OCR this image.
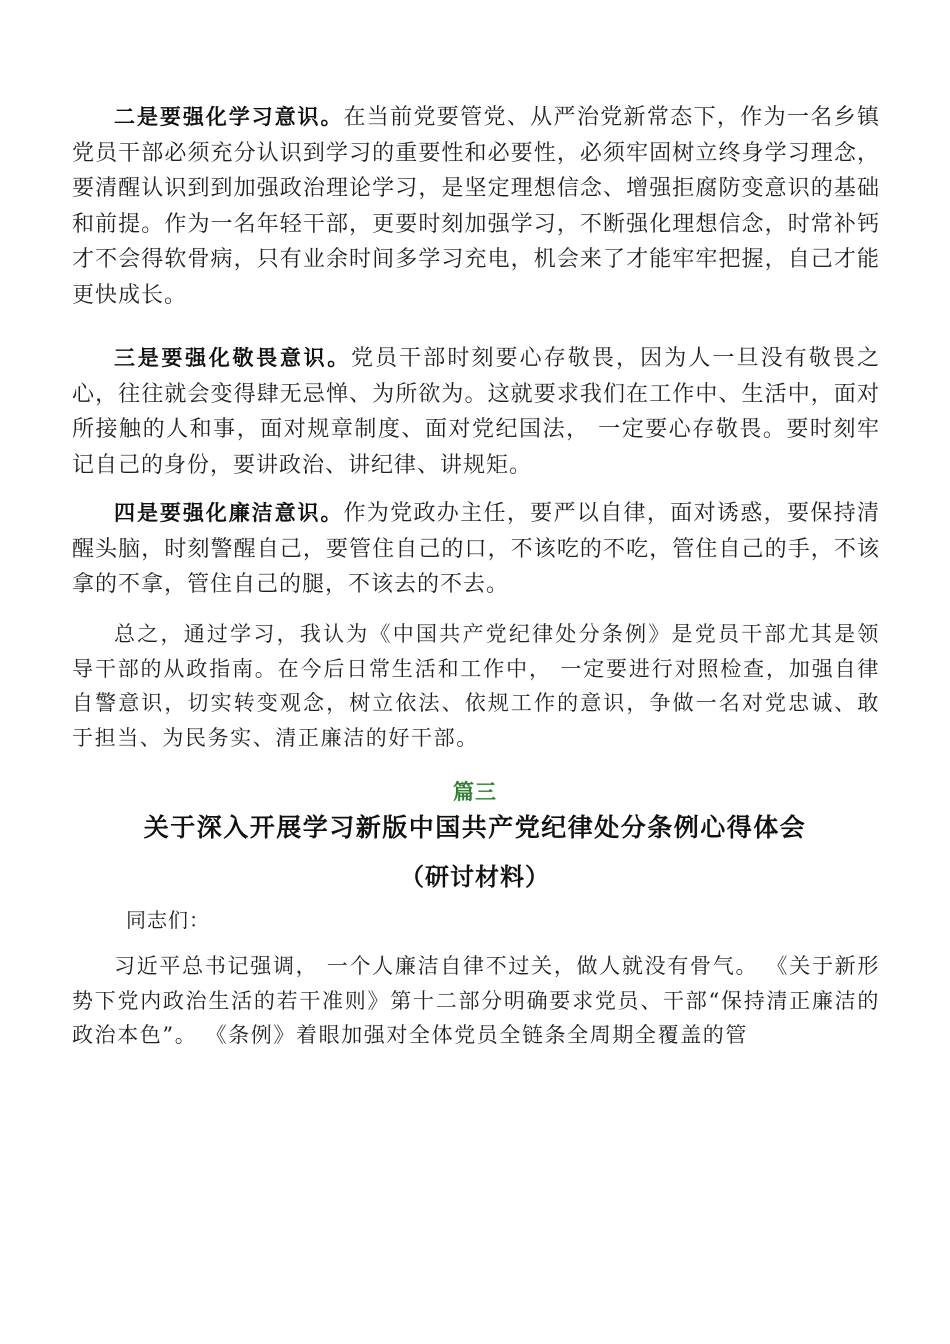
二是要强化学习意识。在当前党要管党、从严治党新常态下，作为一名乡镇党员干部必须充分认识到学习的重要性和必要性，必须牢固树立终身学习理念，要清醒认识到到加强政治理论学习，是坚定理想信念、增强拒腐防变意识的基础和前提。作为一名年轻干部，更要时刻加强学习，不断强化理想信念，时常补钙才不会得软骨病，只有业余时间多学习充电，机会来了才能牢牢把握，自己才能更快成长。

三是要强化敬畏意识。党员干部时刻要心存敬畏，因为人一旦没有敬畏之心，往往就会变得肆无忌惮、为所欲为。这就要求我们在工作中、生活中，面对所接触的人和事，面对规章制度、面对党纪国法， 一定要心存敬畏。要时刻牢记自己的身份，要讲政治、讲纪律、讲规矩。

四是要强化廉洁意识。作为党政办主任，要严以自律，面对诱惑，要保持清醒头脑，时刻警醒自己，要管住自己的口，不该吃的不吃，管住自己的手，不该拿的不拿，管住自己的腿，不该去的不去。

总之，通过学习，我认为《中国共产党纪律处分条例》是党员干部尤其是领导干部的从政指南。在今后日常生活和工作中， 一定要进行对照检查，加强自律自警意识，切实转变观念，树立依法、依规工作的意识，争做一名对党忠诚、敢于担当、为民务实、清正廉洁的好干部。

篇三

关于深入开展学习新版中国共产党纪律处分条例心得体会
（研讨材料）

同志们：

习近平总书记强调， 一个人廉洁自律不过关，做人就没有骨气。 《关于新形势下党内政治生活的若干准则》第十二部分明确要求党员、干部“保持清正廉洁的政治本色”。 《条例》着眼加强对全体党员全链条全周期全覆盖的管
